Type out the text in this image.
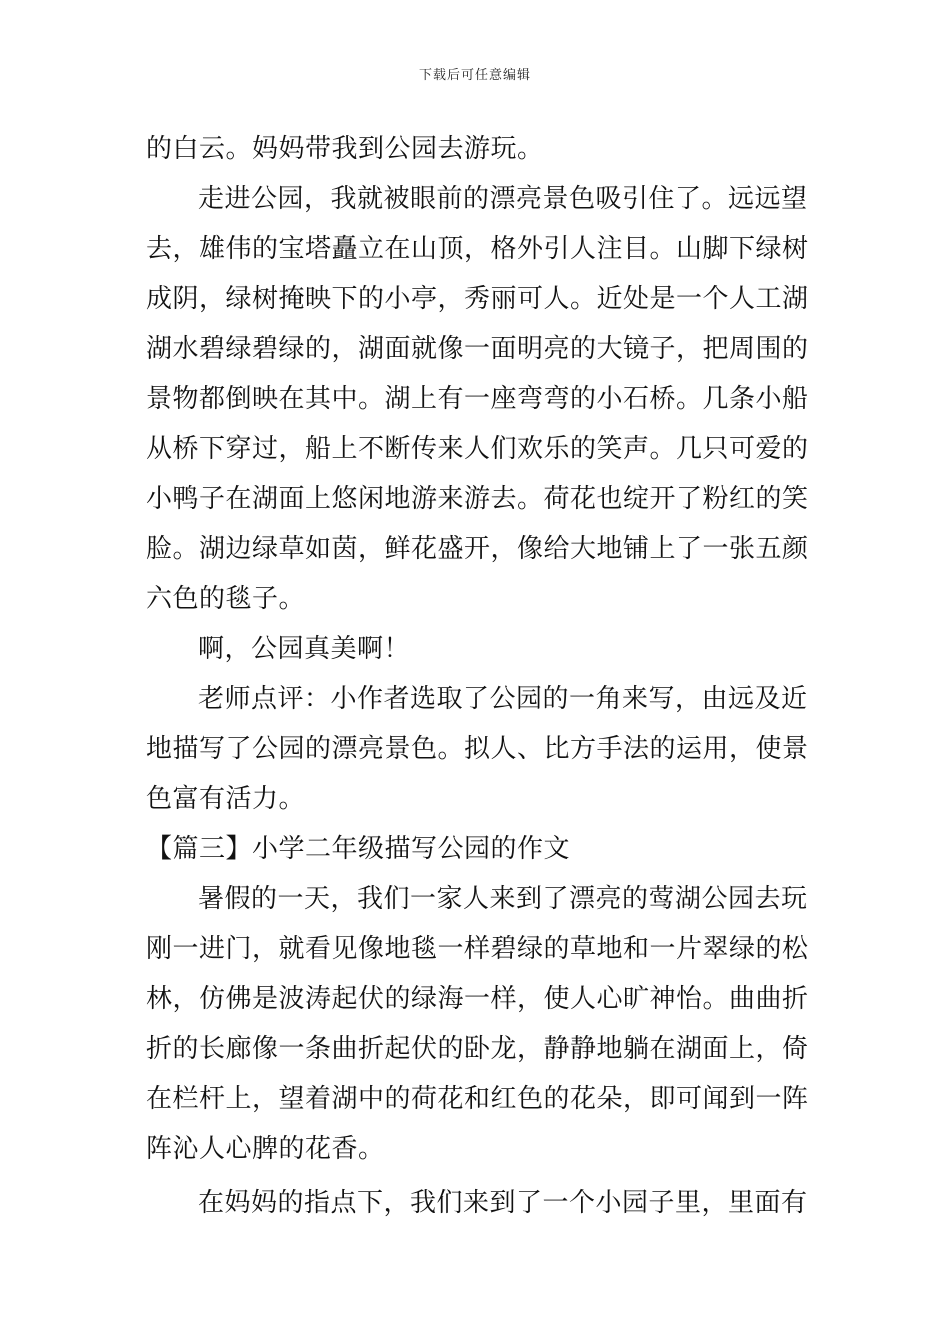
下载后可任意编辑
的白云。妈妈带我到公园去游玩。
走进公园，我就被眼前的漂亮景色吸引住了。远远望
去，雄伟的宝塔矗立在山顶，格外引人注目。山脚下绿树
成阴，绿树掩映下的小亭，秀丽可人。近处是一个人工湖
湖水碧绿碧绿的，湖面就像一面明亮的大镜子，把周围的
景物都倒映在其中。湖上有一座弯弯的小石桥。几条小船
从桥下穿过，船上不断传来人们欢乐的笑声。几只可爱的
小鸭子在湖面上悠闲地游来游去。荷花也绽开了粉红的笑
脸。湖边绿草如茵，鲜花盛开，像给大地铺上了一张五颜
六色的毯子。
啊，公园真美啊！
老师点评：小作者选取了公园的一角来写，由远及近
地描写了公园的漂亮景色。拟人、比方手法的运用，使景
色富有活力。
【篇三】小学二年级描写公园的作文
暑假的一天，我们一家人来到了漂亮的莺湖公园去玩
刚一进门，就看见像地毯一样碧绿的草地和一片翠绿的松
林，仿佛是波涛起伏的绿海一样，使人心旷神怡。曲曲折
折的长廊像一条曲折起伏的卧龙，静静地躺在湖面上，倚
在栏杆上，望着湖中的荷花和红色的花朵，即可闻到一阵
阵沁人心脾的花香。
在妈妈的指点下，我们来到了一个小园子里，里面有
